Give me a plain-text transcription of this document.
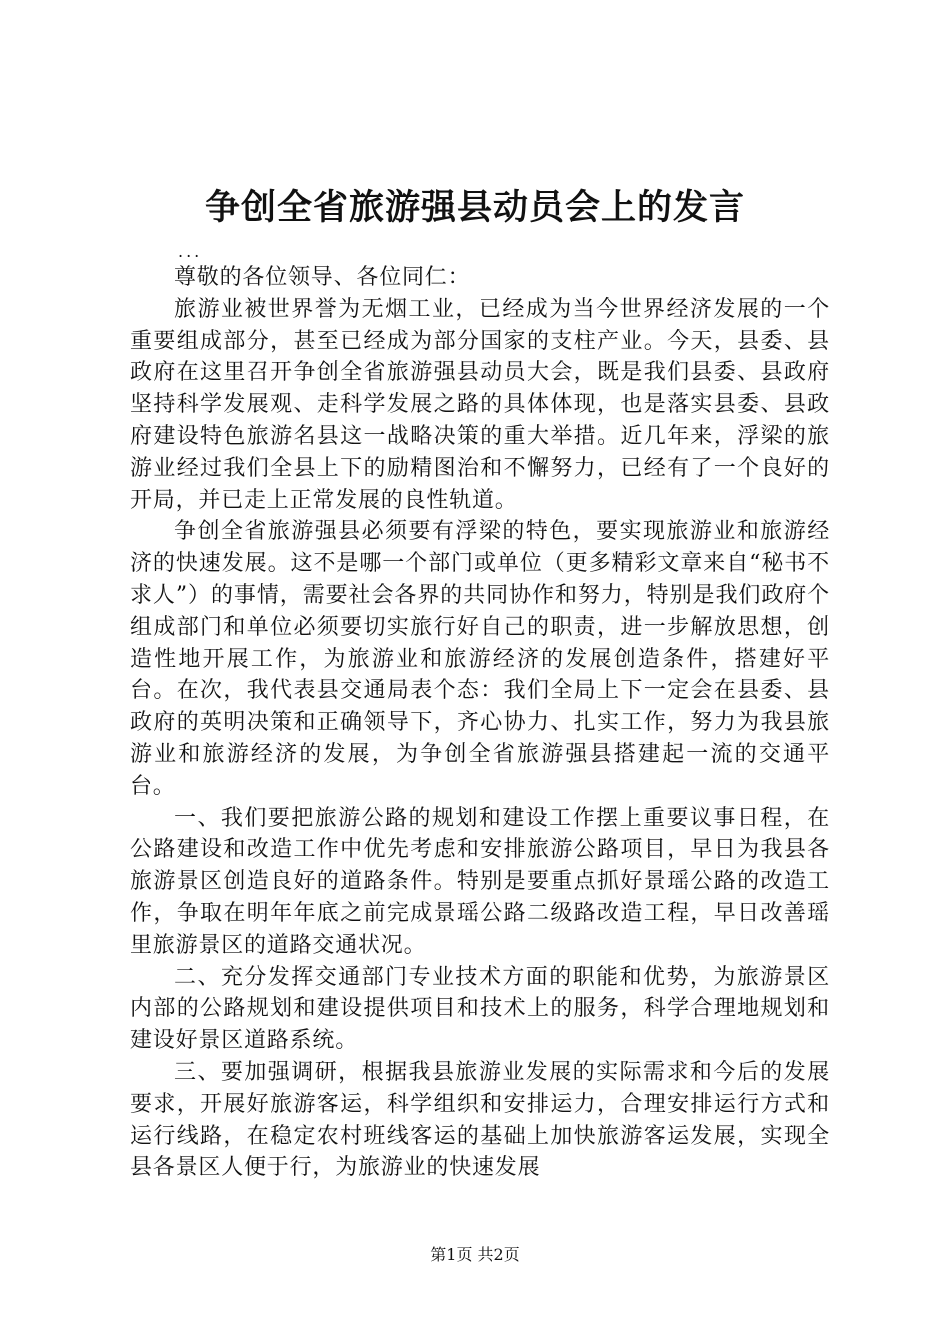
争创全省旅游强县动员会上的发言
...

尊敬的各位领导、各位同仁：

旅游业被世界誉为无烟工业，已经成为当今世界经济发展的一个重要组成部分，甚至已经成为部分国家的支柱产业。今天，县委、县政府在这里召开争创全省旅游强县动员大会，既是我们县委、县政府坚持科学发展观、走科学发展之路的具体体现，也是落实县委、县政府建设特色旅游名县这一战略决策的重大举措。近几年来，浮梁的旅游业经过我们全县上下的励精图治和不懈努力，已经有了一个良好的开局，并已走上正常发展的良性轨道。

争创全省旅游强县必须要有浮梁的特色，要实现旅游业和旅游经济的快速发展。这不是哪一个部门或单位（更多精彩文章来自“秘书不求人”）的事情，需要社会各界的共同协作和努力，特别是我们政府个组成部门和单位必须要切实旅行好自己的职责，进一步解放思想，创造性地开展工作，为旅游业和旅游经济的发展创造条件，搭建好平台。在次，我代表县交通局表个态：我们全局上下一定会在县委、县政府的英明决策和正确领导下，齐心协力、扎实工作，努力为我县旅游业和旅游经济的发展，为争创全省旅游强县搭建起一流的交通平台。

一、我们要把旅游公路的规划和建设工作摆上重要议事日程，在公路建设和改造工作中优先考虑和安排旅游公路项目，早日为我县各旅游景区创造良好的道路条件。特别是要重点抓好景瑶公路的改造工作，争取在明年年底之前完成景瑶公路二级路改造工程，早日改善瑶里旅游景区的道路交通状况。

二、充分发挥交通部门专业技术方面的职能和优势，为旅游景区内部的公路规划和建设提供项目和技术上的服务，科学合理地规划和建设好景区道路系统。

三、要加强调研，根据我县旅游业发展的实际需求和今后的发展要求，开展好旅游客运，科学组织和安排运力，合理安排运行方式和运行线路，在稳定农村班线客运的基础上加快旅游客运发展，实现全县各景区人便于行，为旅游业的快速发展

第1页 共2页
